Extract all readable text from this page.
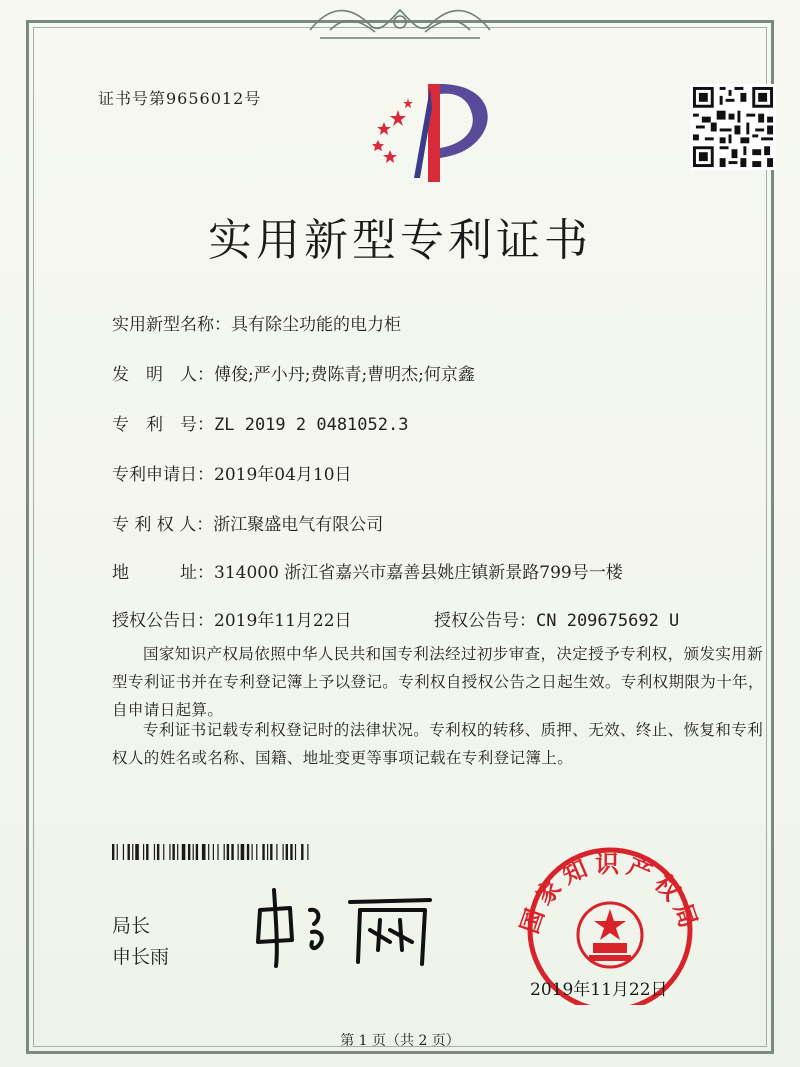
证书号第9656012号
实用新型专利证书
实用新型名称：具有除尘功能的电力柜
发　明　人：傅俊;严小丹;费陈青;曹明杰;何京鑫
专　利　号：ZL 2019 2 0481052.3
专利申请日：2019年04月10日
专 利 权 人：浙江聚盛电气有限公司
地　　　址：314000 浙江省嘉兴市嘉善县姚庄镇新景路799号一楼
授权公告日：2019年11月22日	授权公告号：CN 209675692 U
国家知识产权局依照中华人民共和国专利法经过初步审查，决定授予专利权，颁发实用新型专利证书并在专利登记簿上予以登记。专利权自授权公告之日起生效。专利权期限为十年，自申请日起算。
专利证书记载专利权登记时的法律状况。专利权的转移、质押、无效、终止、恢复和专利权人的姓名或名称、国籍、地址变更等事项记载在专利登记簿上。
局长
申长雨
国家知识产权局
2019年11月22日
第 1 页（共 2 页）
